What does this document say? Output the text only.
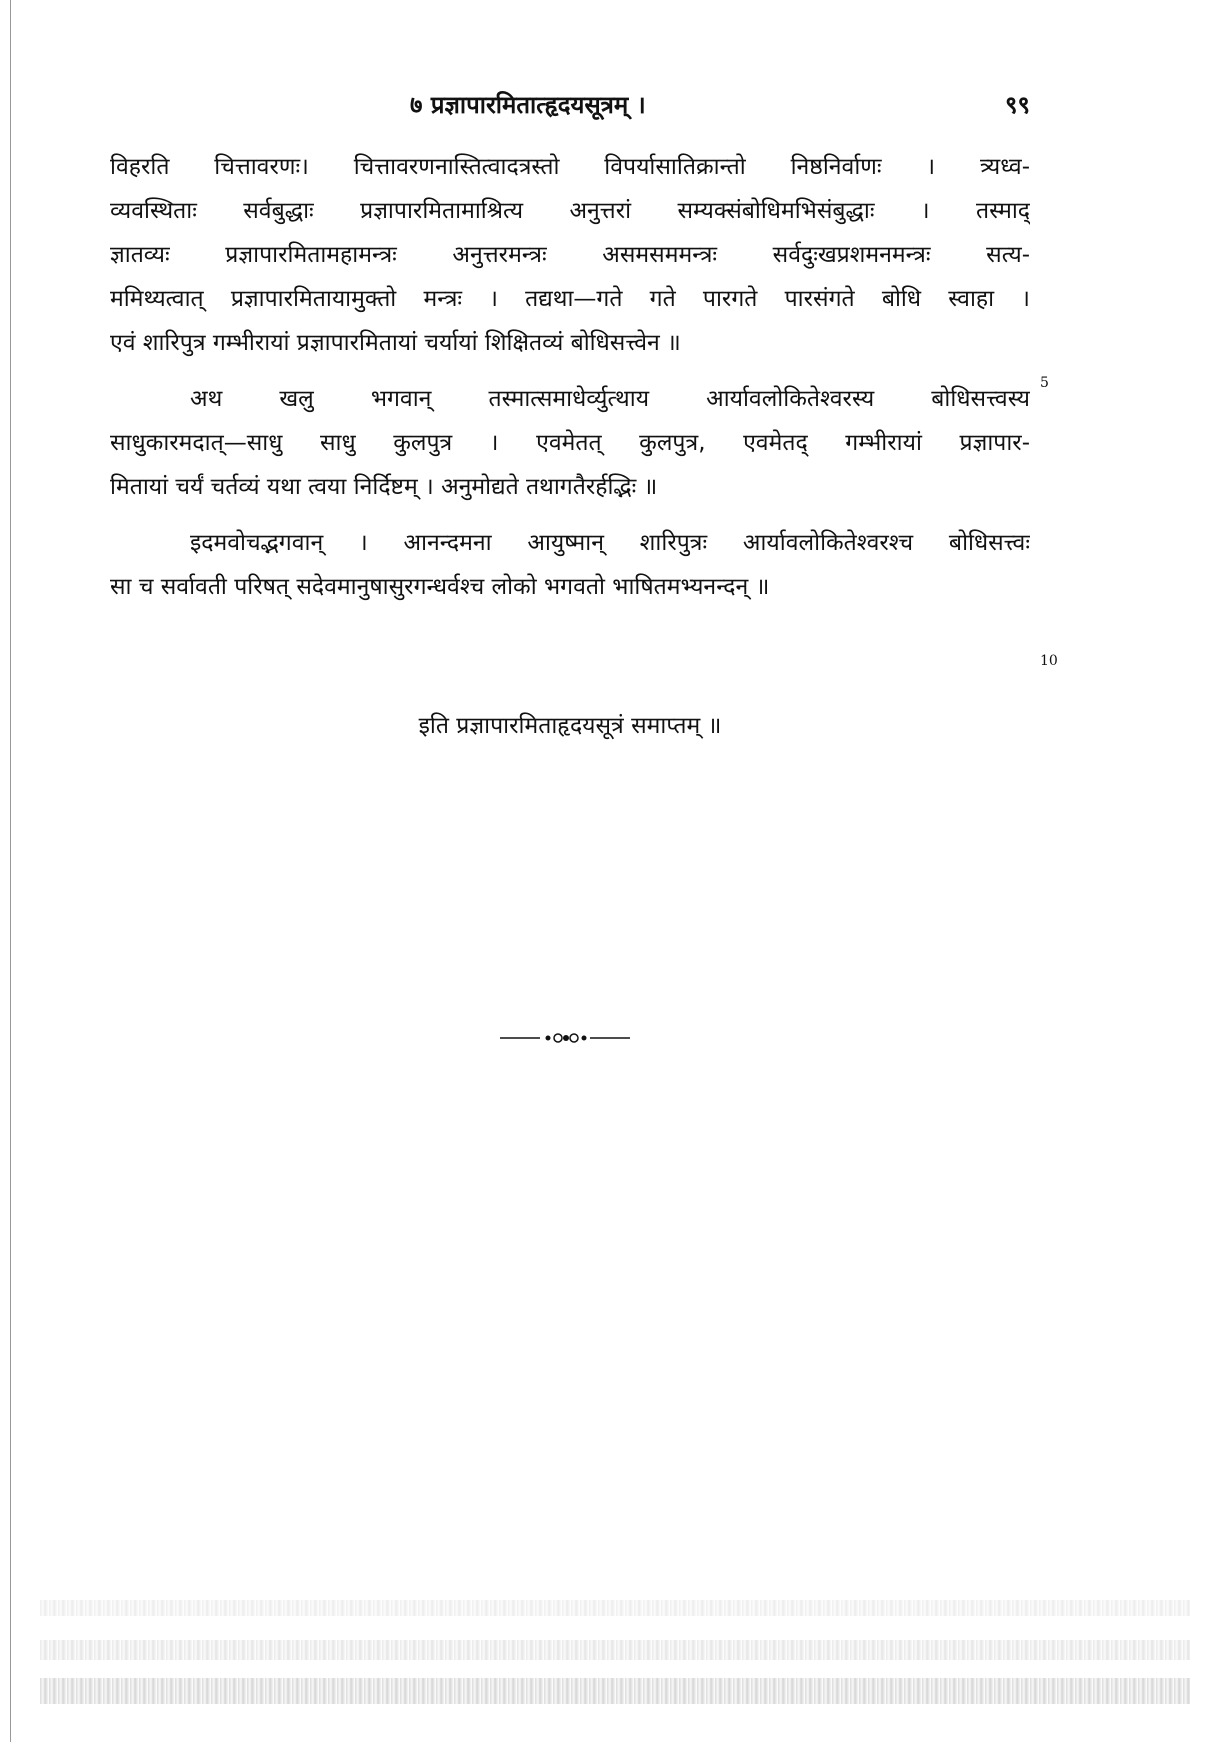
७ प्रज्ञापारमितात्हृदयसूत्रम् ।	९९
विहरति चित्तावरणः। चित्तावरणनास्तित्वादत्रस्तो विपर्यासातिक्रान्तो निष्ठनिर्वाणः । त्र्यध्व-
व्यवस्थिताः सर्वबुद्धाः प्रज्ञापारमितामाश्रित्य अनुत्तरां सम्यक्संबोधिमभिसंबुद्धाः । तस्माद्
ज्ञातव्यः प्रज्ञापारमितामहामन्त्रः अनुत्तरमन्त्रः असमसममन्त्रः सर्वदुःखप्रशमनमन्त्रः सत्य-
ममिथ्यत्वात् प्रज्ञापारमितायामुक्तो मन्त्रः । तद्यथा—गते गते पारगते पारसंगते बोधि स्वाहा ।
एवं शारिपुत्र गम्भीरायां प्रज्ञापारमितायां चर्यायां शिक्षितव्यं बोधिसत्त्वेन ॥
अथ खलु भगवान् तस्मात्समाधेर्व्युत्थाय आर्यावलोकितेश्वरस्य बोधिसत्त्वस्य
साधुकारमदात्—साधु साधु कुलपुत्र । एवमेतत् कुलपुत्र, एवमेतद् गम्भीरायां प्रज्ञापार-
मितायां चर्यं चर्तव्यं यथा त्वया निर्दिष्टम् । अनुमोद्यते तथागतैरर्हद्भिः ॥
इदमवोचद्भगवान् । आनन्दमना आयुष्मान् शारिपुत्रः आर्यावलोकितेश्वरश्च बोधिसत्त्वः
सा च सर्वावती परिषत् सदेवमानुषासुरगन्धर्वश्च लोको भगवतो भाषितमभ्यनन्दन् ॥
5
10
इति प्रज्ञापारमिताहृदयसूत्रं समाप्तम् ॥
